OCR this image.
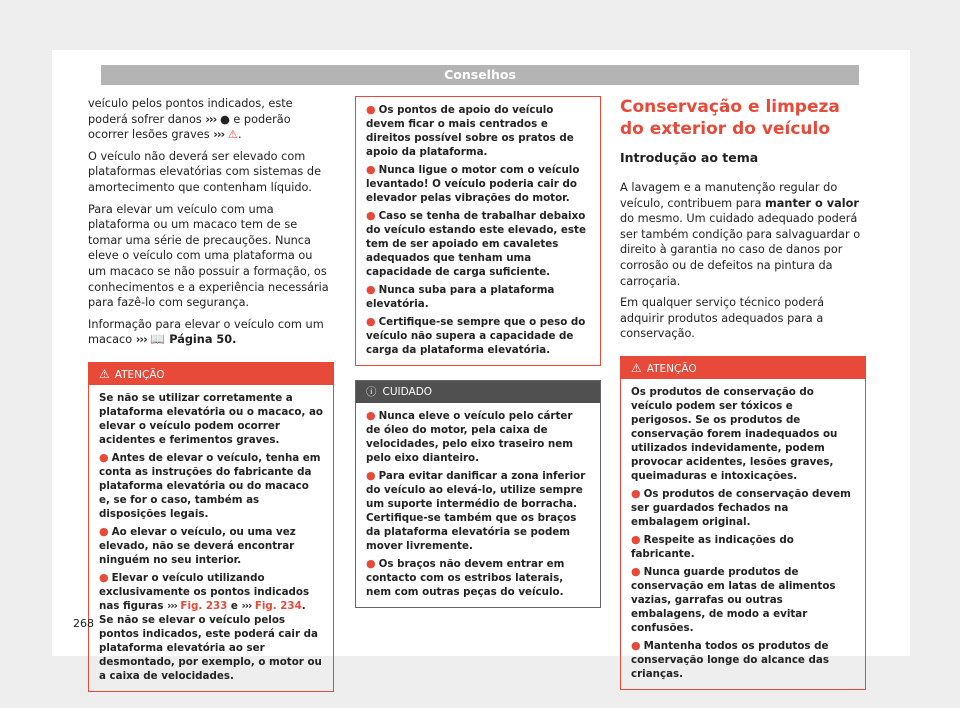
Conselhos

veículo pelos pontos indicados, este poderá sofrer danos ››› ● e poderão ocorrer lesões graves ››› ⚠.

O veículo não deverá ser elevado com plataformas elevatórias com sistemas de amortecimento que contenham líquido.

Para elevar um veículo com uma plataforma ou um macaco tem de se tomar uma série de precauções. Nunca eleve o veículo com uma plataforma ou um macaco se não possuir a formação, os conhecimentos e a experiência necessária para fazê-lo com segurança.

Informação para elevar o veículo com um macaco ››› 📖 Página 50.

⚠ ATENÇÃO
Se não se utilizar corretamente a plataforma elevatória ou o macaco, ao elevar o veículo podem ocorrer acidentes e ferimentos graves.
● Antes de elevar o veículo, tenha em conta as instruções do fabricante da plataforma elevatória ou do macaco e, se for o caso, também as disposições legais.
● Ao elevar o veículo, ou uma vez elevado, não se deverá encontrar ninguém no seu interior.
● Elevar o veículo utilizando exclusivamente os pontos indicados nas figuras ››› Fig. 233 e ››› Fig. 234. Se não se elevar o veículo pelos pontos indicados, este poderá cair da plataforma elevatória ao ser desmontado, por exemplo, o motor ou a caixa de velocidades.
● Os pontos de apoio do veículo devem ficar o mais centrados e direitos possível sobre os pratos de apoio da plataforma.
● Nunca ligue o motor com o veículo levantado! O veículo poderia cair do elevador pelas vibrações do motor.
● Caso se tenha de trabalhar debaixo do veículo estando este elevado, este tem de ser apoiado em cavaletes adequados que tenham uma capacidade de carga suficiente.
● Nunca suba para a plataforma elevatória.
● Certifique-se sempre que o peso do veículo não supera a capacidade de carga da plataforma elevatória.
ⓘ CUIDADO
● Nunca eleve o veículo pelo cárter de óleo do motor, pela caixa de velocidades, pelo eixo traseiro nem pelo eixo dianteiro.
● Para evitar danificar a zona inferior do veículo ao elevá-lo, utilize sempre um suporte intermédio de borracha. Certifique-se também que os braços da plataforma elevatória se podem mover livremente.
● Os braços não devem entrar em contacto com os estribos laterais, nem com outras peças do veículo.
Conservação e limpeza do exterior do veículo
Introdução ao tema

A lavagem e a manutenção regular do veículo, contribuem para manter o valor do mesmo. Um cuidado adequado poderá ser também condição para salvaguardar o direito à garantia no caso de danos por corrosão ou de defeitos na pintura da carroçaria.

Em qualquer serviço técnico poderá adquirir produtos adequados para a conservação.

⚠ ATENÇÃO
Os produtos de conservação do veículo podem ser tóxicos e perigosos. Se os produtos de conservação forem inadequados ou utilizados indevidamente, podem provocar acidentes, lesões graves, queimaduras e intoxicações.
● Os produtos de conservação devem ser guardados fechados na embalagem original.
● Respeite as indicações do fabricante.
● Nunca guarde produtos de conservação em latas de alimentos vazias, garrafas ou outras embalagens, de modo a evitar confusões.
● Mantenha todos os produtos de conservação longe do alcance das crianças.
268
